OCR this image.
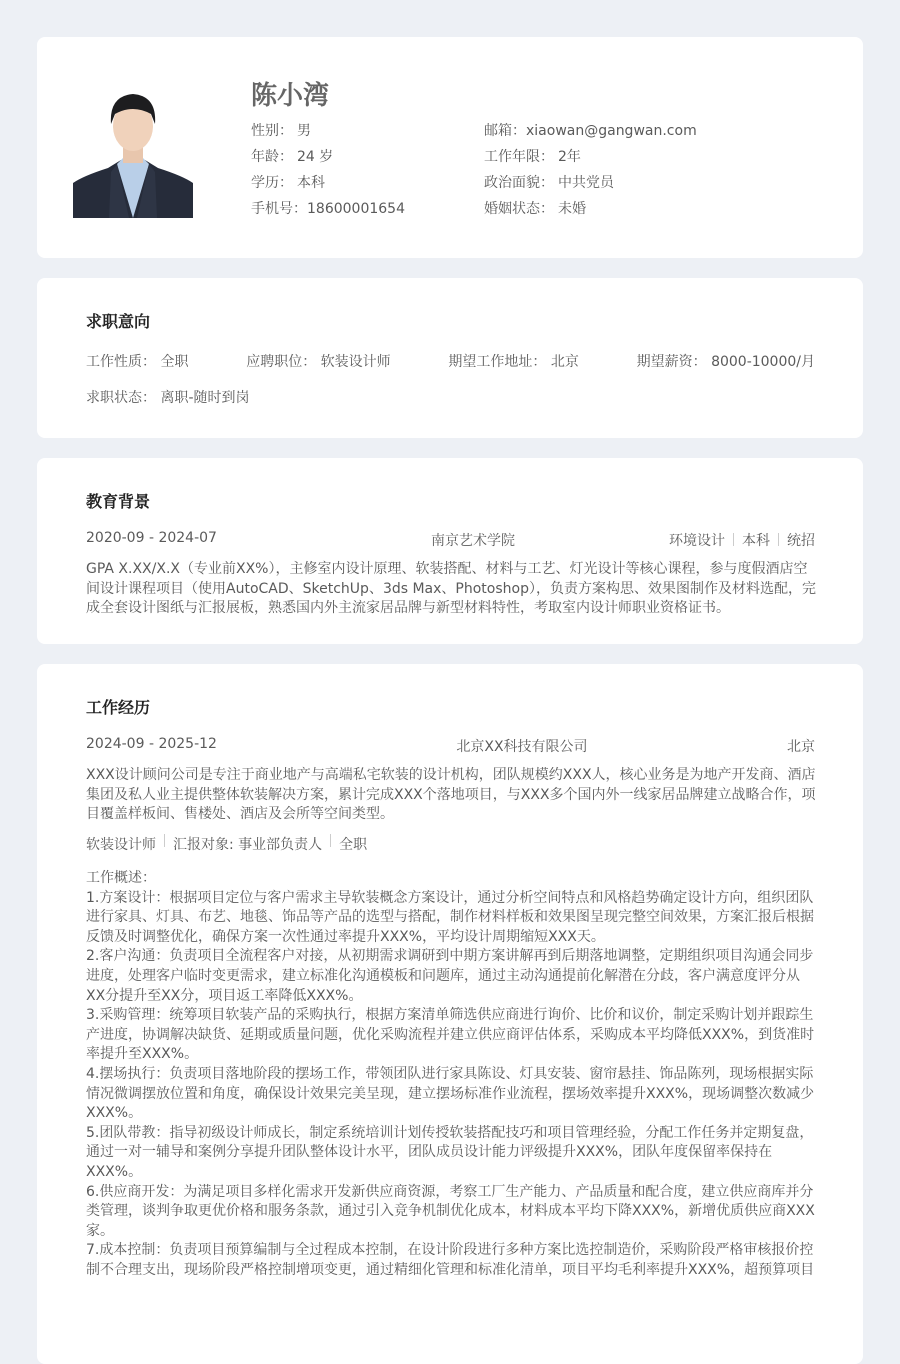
陈小湾
性别： 男
年龄： 24 岁
学历： 本科
手机号：18600001654
邮箱：xiaowan@gangwan.com
工作年限： 2年
政治面貌： 中共党员
婚姻状态： 未婚
求职意向
工作性质： 全职	应聘职位： 软装设计师	期望工作地址： 北京	期望薪资： 8000-10000/月
求职状态： 离职-随时到岗
教育背景
2020-09 - 2024-07	南京艺术学院	环境设计 本科 统招
GPA X.XX/X.X（专业前XX%），主修室内设计原理、软装搭配、材料与工艺、灯光设计等核心课程，参与度假酒店空间设计课程项目（使用AutoCAD、SketchUp、3ds Max、Photoshop），负责方案构思、效果图制作及材料选配，完成全套设计图纸与汇报展板，熟悉国内外主流家居品牌与新型材料特性，考取室内设计师职业资格证书。
工作经历
2024-09 - 2025-12	北京XX科技有限公司	北京
XXX设计顾问公司是专注于商业地产与高端私宅软装的设计机构，团队规模约XXX人，核心业务是为地产开发商、酒店集团及私人业主提供整体软装解决方案，累计完成XXX个落地项目，与XXX多个国内外一线家居品牌建立战略合作，项目覆盖样板间、售楼处、酒店及会所等空间类型。
软装设计师 汇报对象: 事业部负责人 全职
工作概述：
1.方案设计：根据项目定位与客户需求主导软装概念方案设计，通过分析空间特点和风格趋势确定设计方向，组织团队进行家具、灯具、布艺、地毯、饰品等产品的选型与搭配，制作材料样板和效果图呈现完整空间效果，方案汇报后根据反馈及时调整优化，确保方案一次性通过率提升XXX%，平均设计周期缩短XXX天。
2.客户沟通：负责项目全流程客户对接，从初期需求调研到中期方案讲解再到后期落地调整，定期组织项目沟通会同步进度，处理客户临时变更需求，建立标准化沟通模板和问题库，通过主动沟通提前化解潜在分歧，客户满意度评分从XX分提升至XX分，项目返工率降低XXX%。
3.采购管理：统筹项目软装产品的采购执行，根据方案清单筛选供应商进行询价、比价和议价，制定采购计划并跟踪生产进度，协调解决缺货、延期或质量问题，优化采购流程并建立供应商评估体系，采购成本平均降低XXX%，到货准时率提升至XXX%。
4.摆场执行：负责项目落地阶段的摆场工作，带领团队进行家具陈设、灯具安装、窗帘悬挂、饰品陈列，现场根据实际情况微调摆放位置和角度，确保设计效果完美呈现，建立摆场标准作业流程，摆场效率提升XXX%，现场调整次数减少XXX%。
5.团队带教：指导初级设计师成长，制定系统培训计划传授软装搭配技巧和项目管理经验，分配工作任务并定期复盘，通过一对一辅导和案例分享提升团队整体设计水平，团队成员设计能力评级提升XXX%，团队年度保留率保持在XXX%。
6.供应商开发：为满足项目多样化需求开发新供应商资源，考察工厂生产能力、产品质量和配合度，建立供应商库并分类管理，谈判争取更优价格和服务条款，通过引入竞争机制优化成本，材料成本平均下降XXX%，新增优质供应商XXX家。
7.成本控制：负责项目预算编制与全过程成本控制，在设计阶段进行多种方案比选控制造价，采购阶段严格审核报价控制不合理支出，现场阶段严格控制增项变更，通过精细化管理和标准化清单，项目平均毛利率提升XXX%，超预算项目
